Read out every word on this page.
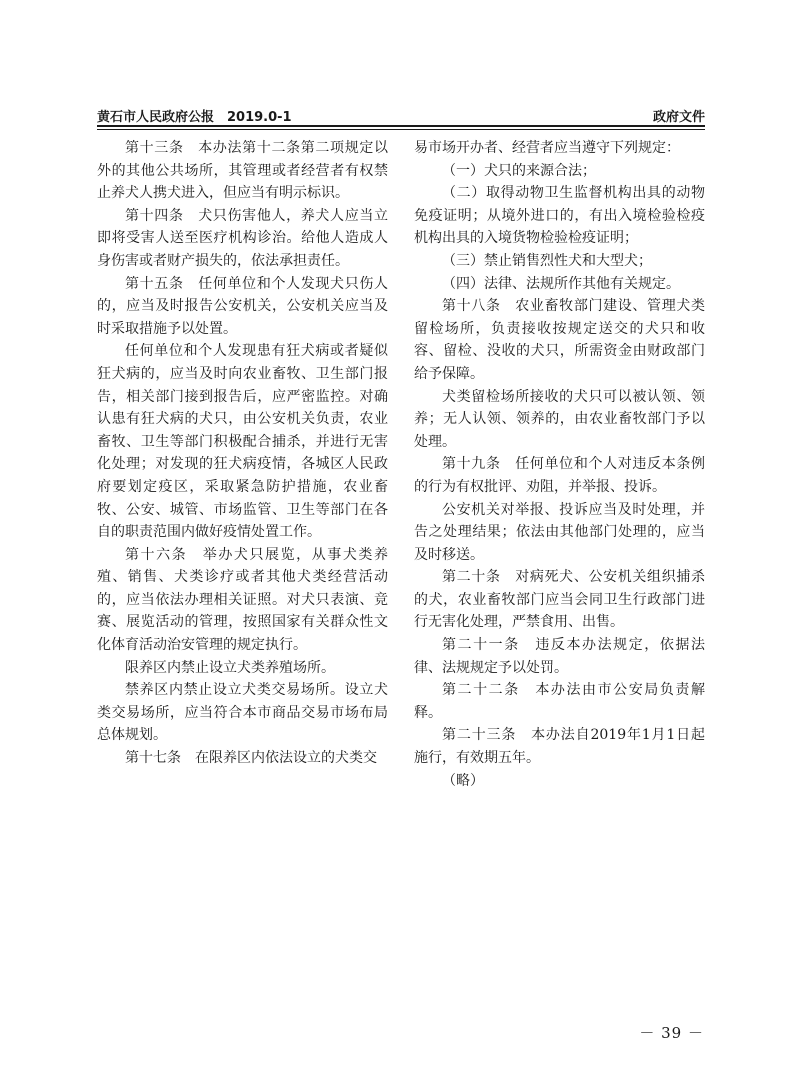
黄石市人民政府公报　2019.0-1	政府文件

第十三条　本办法第十二条第二项规定以外的其他公共场所，其管理或者经营者有权禁止养犬人携犬进入，但应当有明示标识。

第十四条　犬只伤害他人，养犬人应当立即将受害人送至医疗机构诊治。给他人造成人身伤害或者财产损失的，依法承担责任。

第十五条　任何单位和个人发现犬只伤人的，应当及时报告公安机关，公安机关应当及时采取措施予以处置。

任何单位和个人发现患有狂犬病或者疑似狂犬病的，应当及时向农业畜牧、卫生部门报告，相关部门接到报告后，应严密监控。对确认患有狂犬病的犬只，由公安机关负责，农业畜牧、卫生等部门积极配合捕杀，并进行无害化处理；对发现的狂犬病疫情，各城区人民政府要划定疫区，采取紧急防护措施，农业畜牧、公安、城管、市场监管、卫生等部门在各自的职责范围内做好疫情处置工作。

第十六条　举办犬只展览，从事犬类养殖、销售、犬类诊疗或者其他犬类经营活动的，应当依法办理相关证照。对犬只表演、竞赛、展览活动的管理，按照国家有关群众性文化体育活动治安管理的规定执行。

限养区内禁止设立犬类养殖场所。

禁养区内禁止设立犬类交易场所。设立犬类交易场所，应当符合本市商品交易市场布局总体规划。

第十七条　在限养区内依法设立的犬类交

易市场开办者、经营者应当遵守下列规定：

（一）犬只的来源合法；

（二）取得动物卫生监督机构出具的动物免疫证明；从境外进口的，有出入境检验检疫机构出具的入境货物检验检疫证明；

（三）禁止销售烈性犬和大型犬；

（四）法律、法规所作其他有关规定。

第十八条　农业畜牧部门建设、管理犬类留检场所，负责接收按规定送交的犬只和收容、留检、没收的犬只，所需资金由财政部门给予保障。

犬类留检场所接收的犬只可以被认领、领养；无人认领、领养的，由农业畜牧部门予以处理。

第十九条　任何单位和个人对违反本条例的行为有权批评、劝阻，并举报、投诉。

公安机关对举报、投诉应当及时处理，并告之处理结果；依法由其他部门处理的，应当及时移送。

第二十条　对病死犬、公安机关组织捕杀的犬，农业畜牧部门应当会同卫生行政部门进行无害化处理，严禁食用、出售。

第二十一条　违反本办法规定，依据法律、法规规定予以处罚。

第二十二条　本办法由市公安局负责解释。

第二十三条　本办法自2019年1月1日起施行，有效期五年。

（略）

－ 39 －
